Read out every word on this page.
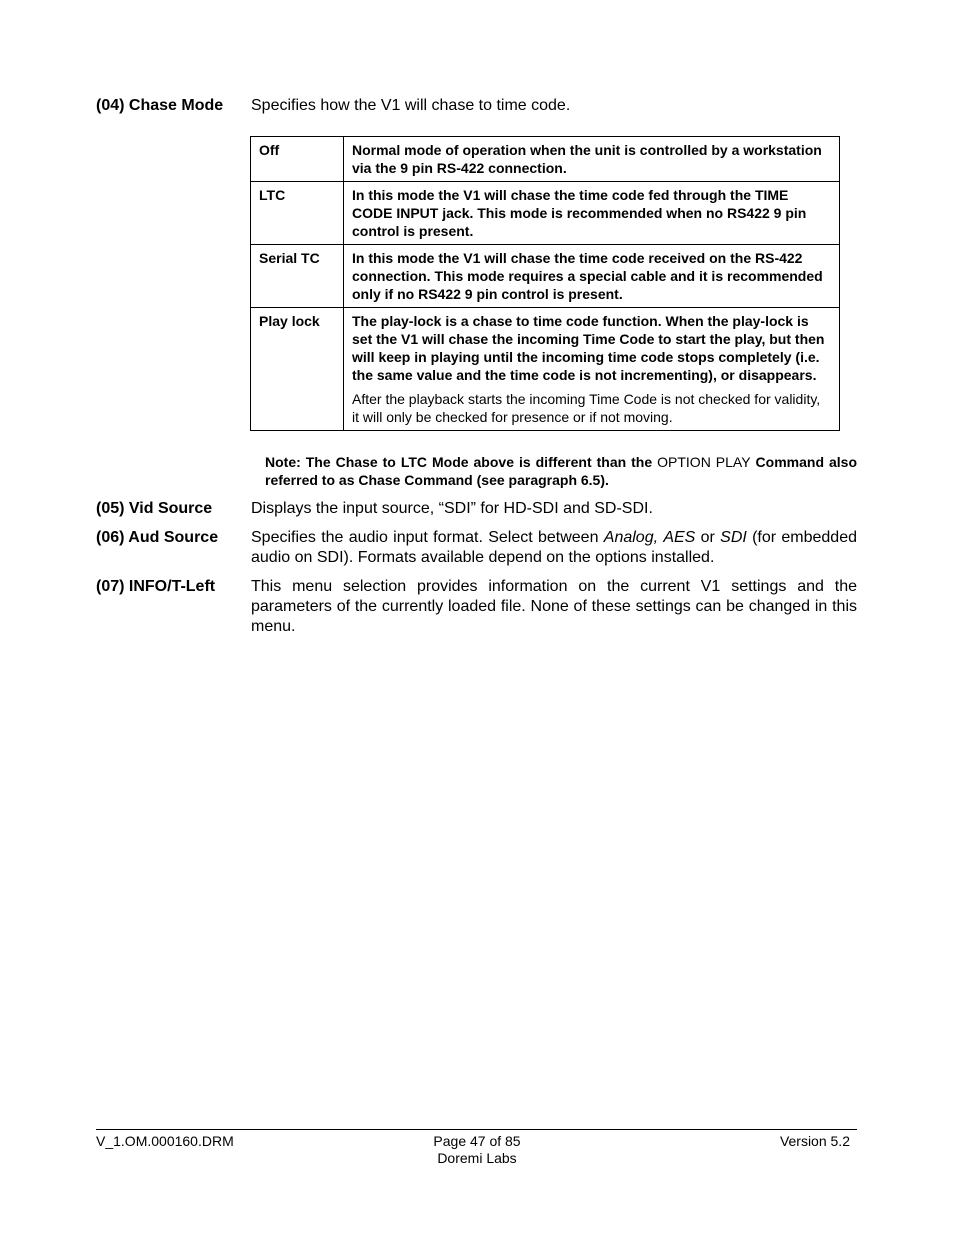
(04) Chase Mode Specifies how the V1 will chase to time code.
Off	Normal mode of operation when the unit is controlled by a workstation via the 9 pin RS-422 connection.
LTC	In this mode the V1 will chase the time code fed through the TIME CODE INPUT jack. This mode is recommended when no RS422 9 pin control is present.
Serial TC	In this mode the V1 will chase the time code received on the RS-422 connection. This mode requires a special cable and it is recommended only if no RS422 9 pin control is present.
Play lock	The play-lock is a chase to time code function. When the play-lock is set the V1 will chase the incoming Time Code to start the play, but then will keep in playing until the incoming time code stops completely (i.e. the same value and the time code is not incrementing), or disappears.
After the playback starts the incoming Time Code is not checked for validity, it will only be checked for presence or if not moving.
Note: The Chase to LTC Mode above is different than the OPTION PLAY Command also referred to as Chase Command (see paragraph 6.5).
(05) Vid Source Displays the input source, “SDI” for HD-SDI and SD-SDI.
(06) Aud Source Specifies the audio input format. Select between Analog, AES or SDI (for embedded audio on SDI). Formats available depend on the options installed.
(07) INFO/T-Left This menu selection provides information on the current V1 settings and the parameters of the currently loaded file. None of these settings can be changed in this menu.
V_1.OM.000160.DRM	Page 47 of 85
Doremi Labs
Version 5.2
